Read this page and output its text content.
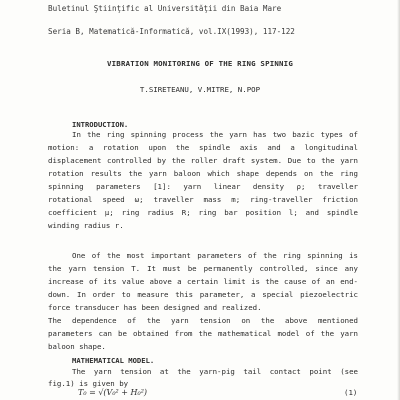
Buletinul Ştiinţific al Universităţii din Baia Mare
Seria B, Matematică-Informatică, vol.IX(1993), 117-122
VIBRATION MONITORING OF THE RING SPINNIG
T.SIRETEANU, V.MITRE, N.POP
INTRODUCTION.
In the ring spinning process the yarn has two bazic types of
motion: a rotation upon the spindle axis and a longitudinal
displacement controlled by the roller draft system. Due to the yarn
rotation results the yarn baloon which shape depends on the ring
spinning parameters [1]: yarn linear density ρ; traveller
rotational speed ω; traveller mass m; ring-traveller friction
coefficient μ; ring radius R; ring bar position l; and spindle
winding radius r.
One of the most important parameters of the ring spinning is
the yarn tension T. It must be permanently controlled, since any
increase of its value above a certain limit is the cause of an end-
down. In order to measure this parameter, a special piezoelectric
force transducer has been designed and realized.
The dependence of the yarn tension on the above mentioned
parameters can be obtained from the mathematical model of the yarn
baloon shape.
MATHEMATICAL MODEL.
The yarn tension at the yarn-pig tail contact point (see
fig.1) is given by
T₀ = √(V₀² + H₀²)	(1)
